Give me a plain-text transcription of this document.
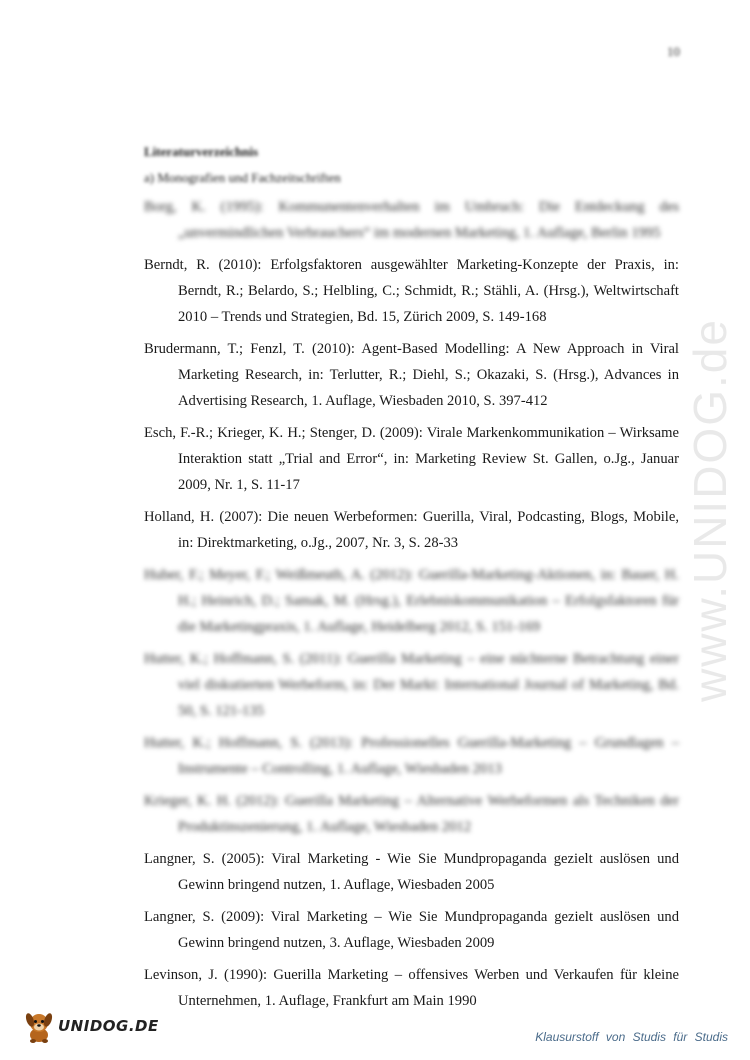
10
Literaturverzeichnis
a) Monografien und Fachzeitschriften
Borg, K. (1995): Kommunentenverhalten im Umbruch: Die Entdeckung des „unvermindlichen Verbrauchers“ im modernen Marketing, 1. Auflage, Berlin 1995
Berndt, R. (2010): Erfolgsfaktoren ausgewählter Marketing-Konzepte der Praxis, in: Berndt, R.; Belardo, S.; Helbling, C.; Schmidt, R.; Stähli, A. (Hrsg.), Weltwirtschaft 2010 – Trends und Strategien, Bd. 15, Zürich 2009, S. 149-168
Brudermann, T.; Fenzl, T. (2010): Agent-Based Modelling: A New Approach in Viral Marketing Research, in: Terlutter, R.; Diehl, S.; Okazaki, S. (Hrsg.), Advances in Advertising Research, 1. Auflage, Wiesbaden 2010, S. 397-412
Esch, F.-R.; Krieger, K. H.; Stenger, D. (2009): Virale Markenkommunikation – Wirksame Interaktion statt „Trial and Error“, in: Marketing Review St. Gallen, o.Jg., Januar 2009, Nr. 1, S. 11-17
Holland, H. (2007): Die neuen Werbeformen: Guerilla, Viral, Podcasting, Blogs, Mobile, in: Direktmarketing, o.Jg., 2007, Nr. 3, S. 28-33
Huber, F.; Meyer, F.; Weißmeuth, A. (2012): Guerilla-Marketing-Aktionen, in: Bauer, H. H.; Heinrich, D.; Samak, M. (Hrsg.), Erlebniskommunikation – Erfolgsfaktoren für die Marketingpraxis, 1. Auflage, Heidelberg 2012, S. 151-169
Hutter, K.; Hoffmann, S. (2011): Guerilla Marketing – eine nüchterne Betrachtung einer viel diskutierten Werbeform, in: Der Markt: International Journal of Marketing, Bd. 50, S. 121-135
Hutter, K.; Hoffmann, S. (2013): Professionelles Guerilla-Marketing – Grundlagen – Instrumente – Controlling, 1. Auflage, Wiesbaden 2013
Krieger, K. H. (2012): Guerilla Marketing – Alternative Werbeformen als Techniken der Produktinszenierung, 1. Auflage, Wiesbaden 2012
Langner, S. (2005): Viral Marketing - Wie Sie Mundpropaganda gezielt auslösen und Gewinn bringend nutzen, 1. Auflage, Wiesbaden 2005
Langner, S. (2009): Viral Marketing – Wie Sie Mundpropaganda gezielt auslösen und Gewinn bringend nutzen, 3. Auflage, Wiesbaden 2009
Levinson, J. (1990): Guerilla Marketing – offensives Werben und Verkaufen für kleine Unternehmen, 1. Auflage, Frankfurt am Main 1990
www.UNIDOG.de
UNIDOG.DE
Klausurstoff von Studis für Studis
